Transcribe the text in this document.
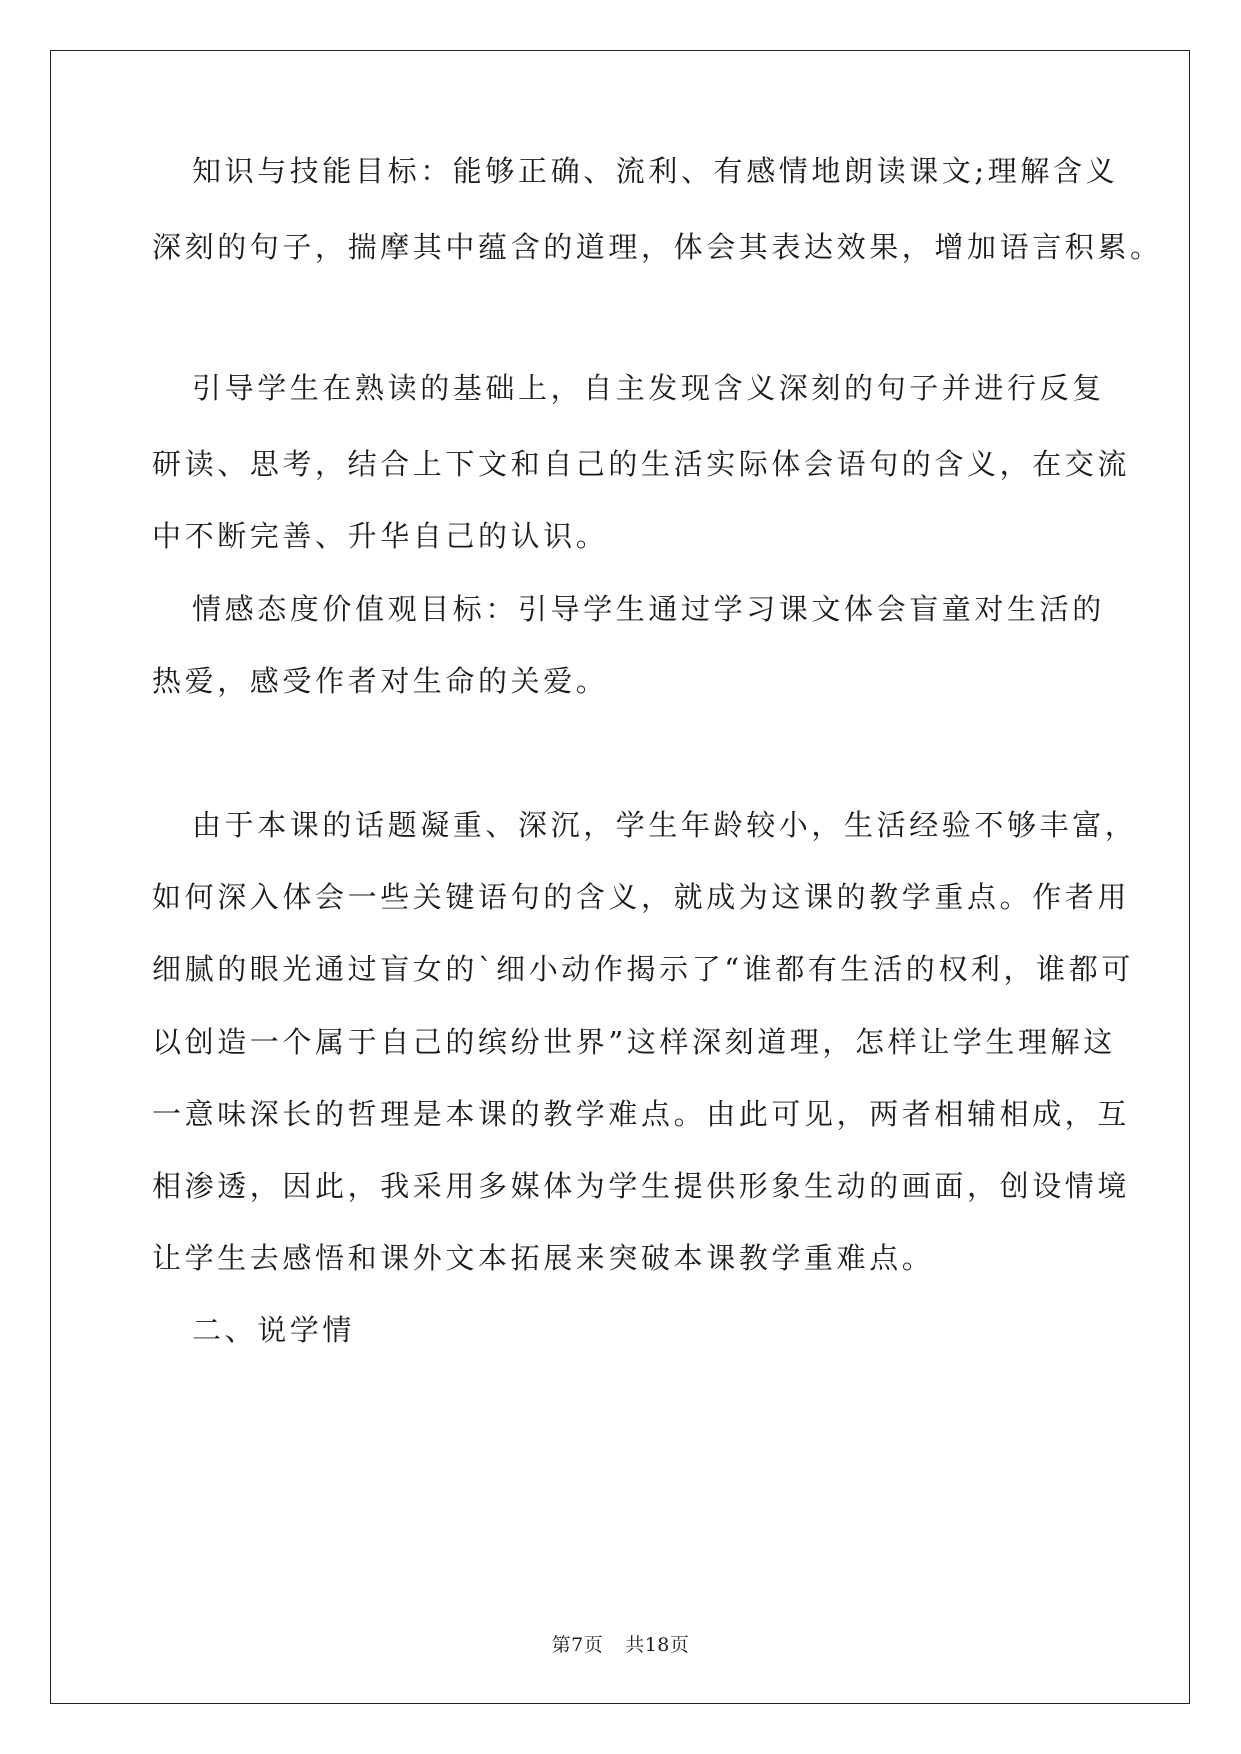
知识与技能目标：能够正确、流利、有感情地朗读课文;理解含义

深刻的句子，揣摩其中蕴含的道理，体会其表达效果，增加语言积累。

引导学生在熟读的基础上，自主发现含义深刻的句子并进行反复

研读、思考，结合上下文和自己的生活实际体会语句的含义，在交流

中不断完善、升华自己的认识。

情感态度价值观目标：引导学生通过学习课文体会盲童对生活的

热爱，感受作者对生命的关爱。

由于本课的话题凝重、深沉，学生年龄较小，生活经验不够丰富，

如何深入体会一些关键语句的含义，就成为这课的教学重点。作者用

细腻的眼光通过盲女的`细小动作揭示了“谁都有生活的权利，谁都可

以创造一个属于自己的缤纷世界”这样深刻道理，怎样让学生理解这

一意味深长的哲理是本课的教学难点。由此可见，两者相辅相成，互

相渗透，因此，我采用多媒体为学生提供形象生动的画面，创设情境

让学生去感悟和课外文本拓展来突破本课教学重难点。

二、说学情

第7页 共18页
